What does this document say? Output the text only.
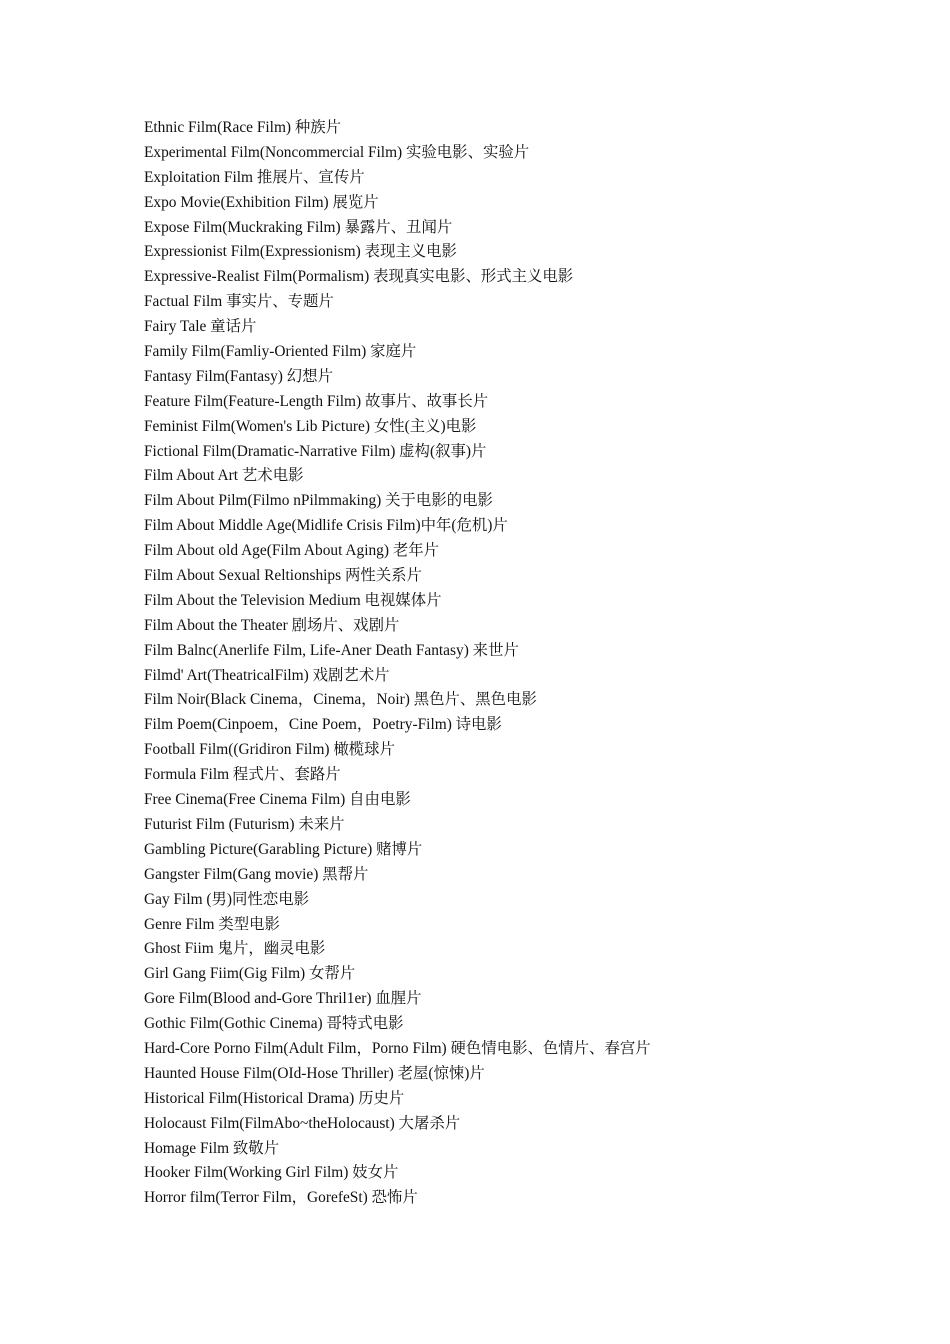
Ethnic Film(Race Film) 种族片
Experimental Film(Noncommercial Film) 实验电影、实验片
Exploitation Film 推展片、宣传片
Expo Movie(Exhibition Film) 展览片
Expose Film(Muckraking Film) 暴露片、丑闻片
Expressionist Film(Expressionism) 表现主义电影
Expressive-Realist Film(Pormalism) 表现真实电影、形式主义电影
Factual Film 事实片、专题片
Fairy Tale 童话片
Family Film(Famliy-Oriented Film) 家庭片
Fantasy Film(Fantasy) 幻想片
Feature Film(Feature-Length Film) 故事片、故事长片
Feminist Film(Women's Lib Picture) 女性(主义)电影
Fictional Film(Dramatic-Narrative Film) 虚构(叙事)片
Film About Art 艺术电影
Film About Pilm(Filmo nPilmmaking) 关于电影的电影
Film About Middle Age(Midlife Crisis Film)中年(危机)片
Film About old Age(Film About Aging) 老年片
Film About Sexual Reltionships 两性关系片
Film About the Television Medium 电视媒体片
Film About the Theater 剧场片、戏剧片
Film Balnc(Anerlife Film, Life-Aner Death Fantasy) 来世片
Filmd' Art(TheatricalFilm) 戏剧艺术片
Film Noir(Black Cinema，Cinema，Noir) 黑色片、黑色电影
Film Poem(Cinpoem，Cine Poem，Poetry-Film) 诗电影
Football Film((Gridiron Film) 橄榄球片
Formula Film 程式片、套路片
Free Cinema(Free Cinema Film) 自由电影
Futurist Film (Futurism) 未来片
Gambling Picture(Garabling Picture) 赌博片
Gangster Film(Gang movie) 黑帮片
Gay Film (男)同性恋电影
Genre Film 类型电影
Ghost Fiim 鬼片，幽灵电影
Girl Gang Fiim(Gig Film) 女帮片
Gore Film(Blood and-Gore Thril1er) 血腥片
Gothic Film(Gothic Cinema) 哥特式电影
Hard-Core Porno Film(Adult Film，Porno Film) 硬色情电影、色情片、春宫片
Haunted House Film(OId-Hose Thriller) 老屋(惊悚)片
Historical Film(Historical Drama) 历史片
Holocaust Film(FilmAbo~theHolocaust) 大屠杀片
Homage Film 致敬片
Hooker Film(Working Girl Film) 妓女片
Horror film(Terror Film，GorefeSt) 恐怖片
